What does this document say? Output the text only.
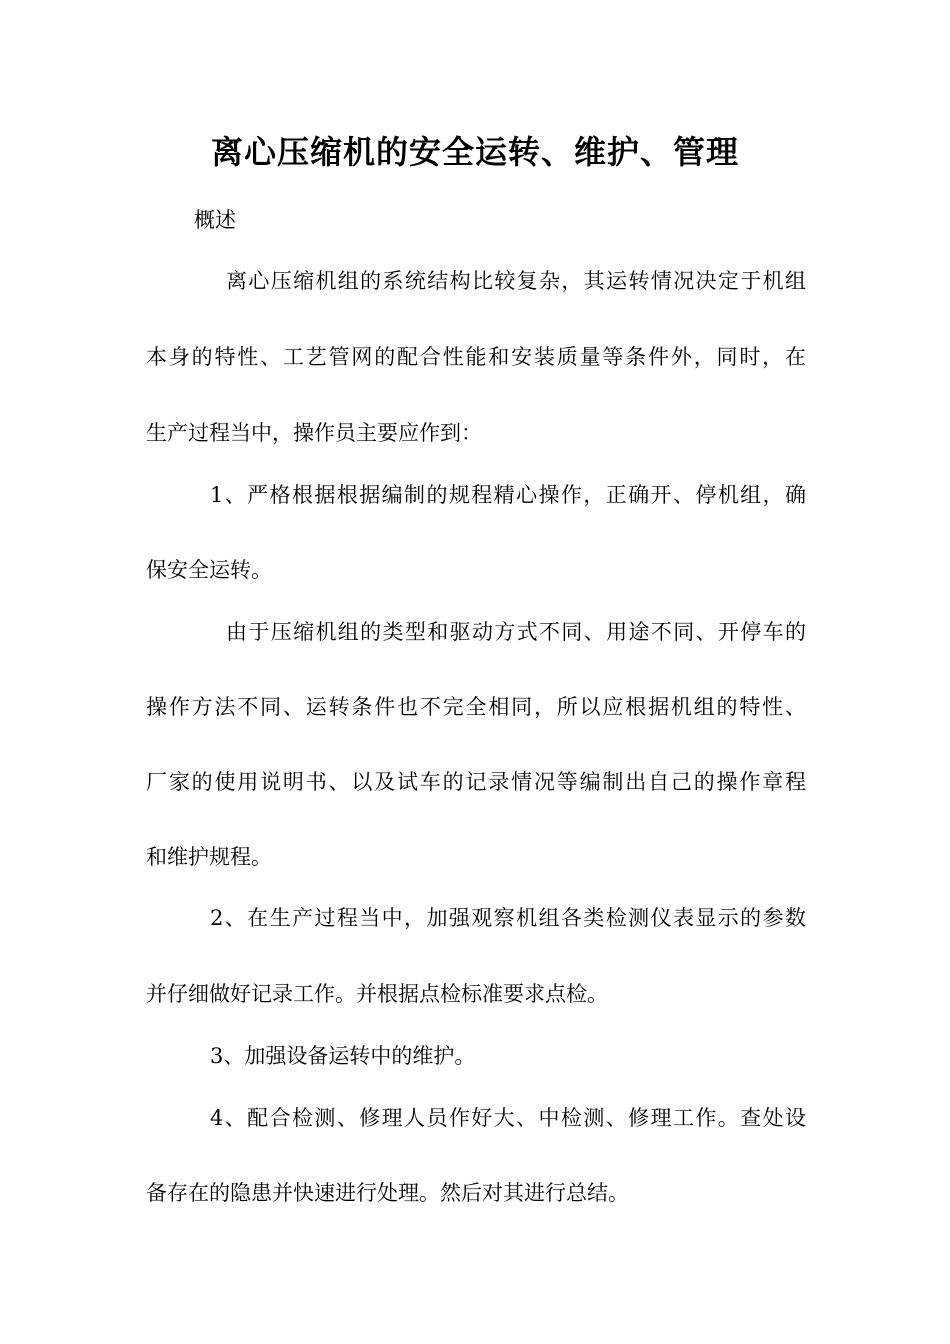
离心压缩机的安全运转、维护、管理

概述

离心压缩机组的系统结构比较复杂，其运转情况决定于机组

本身的特性、工艺管网的配合性能和安装质量等条件外，同时，在

生产过程当中，操作员主要应作到：

1、严格根据根据编制的规程精心操作，正确开、停机组，确

保安全运转。

由于压缩机组的类型和驱动方式不同、用途不同、开停车的

操作方法不同、运转条件也不完全相同，所以应根据机组的特性、

厂家的使用说明书、以及试车的记录情况等编制出自己的操作章程

和维护规程。

2、在生产过程当中，加强观察机组各类检测仪表显示的参数

并仔细做好记录工作。并根据点检标准要求点检。

3、加强设备运转中的维护。

4、配合检测、修理人员作好大、中检测、修理工作。查处设

备存在的隐患并快速进行处理。然后对其进行总结。
